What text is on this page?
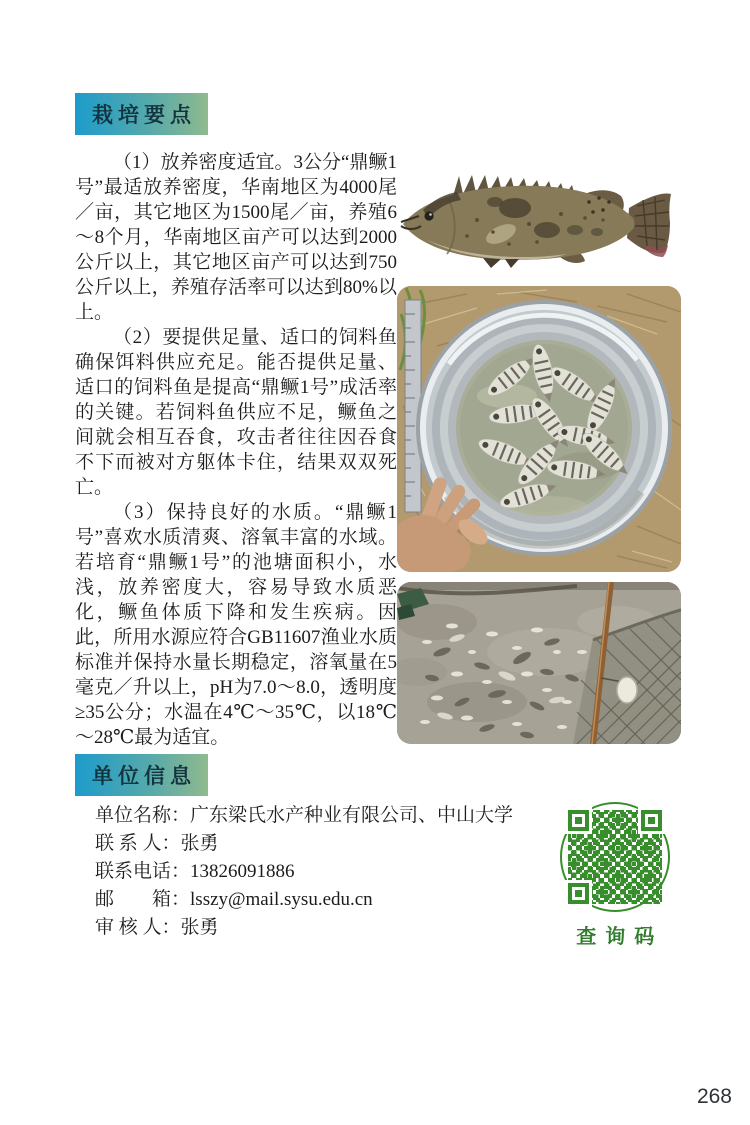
栽培要点

（1）放养密度适宜。3公分“鼎鳜1号”最适放养密度，华南地区为4000尾／亩，其它地区为1500尾／亩，养殖6～8个月，华南地区亩产可以达到2000公斤以上，其它地区亩产可以达到750公斤以上，养殖存活率可以达到80%以上。

（2）要提供足量、适口的饲料鱼确保饵料供应充足。能否提供足量、适口的饲料鱼是提高“鼎鳜1号”成活率的关键。若饲料鱼供应不足，鳜鱼之间就会相互吞食，攻击者往往因吞食不下而被对方躯体卡住，结果双双死亡。

（3）保持良好的水质。“鼎鳜1号”喜欢水质清爽、溶氧丰富的水域。若培育“鼎鳜1号”的池塘面积小，水浅，放养密度大，容易导致水质恶化，鳜鱼体质下降和发生疾病。因此，所用水源应符合GB11607渔业水质标准并保持水量长期稳定，溶氧量在5毫克／升以上，pH为7.0～8.0，透明度≥35公分；水温在4℃～35℃，以18℃～28℃最为适宜。

单位信息
单位名称： 广东梁氏水产种业有限公司、中山大学
联 系 人： 张勇
联系电话： 13826091886
邮　　箱： lsszy@mail.sysu.edu.cn
审 核 人： 张勇	查询码
268
